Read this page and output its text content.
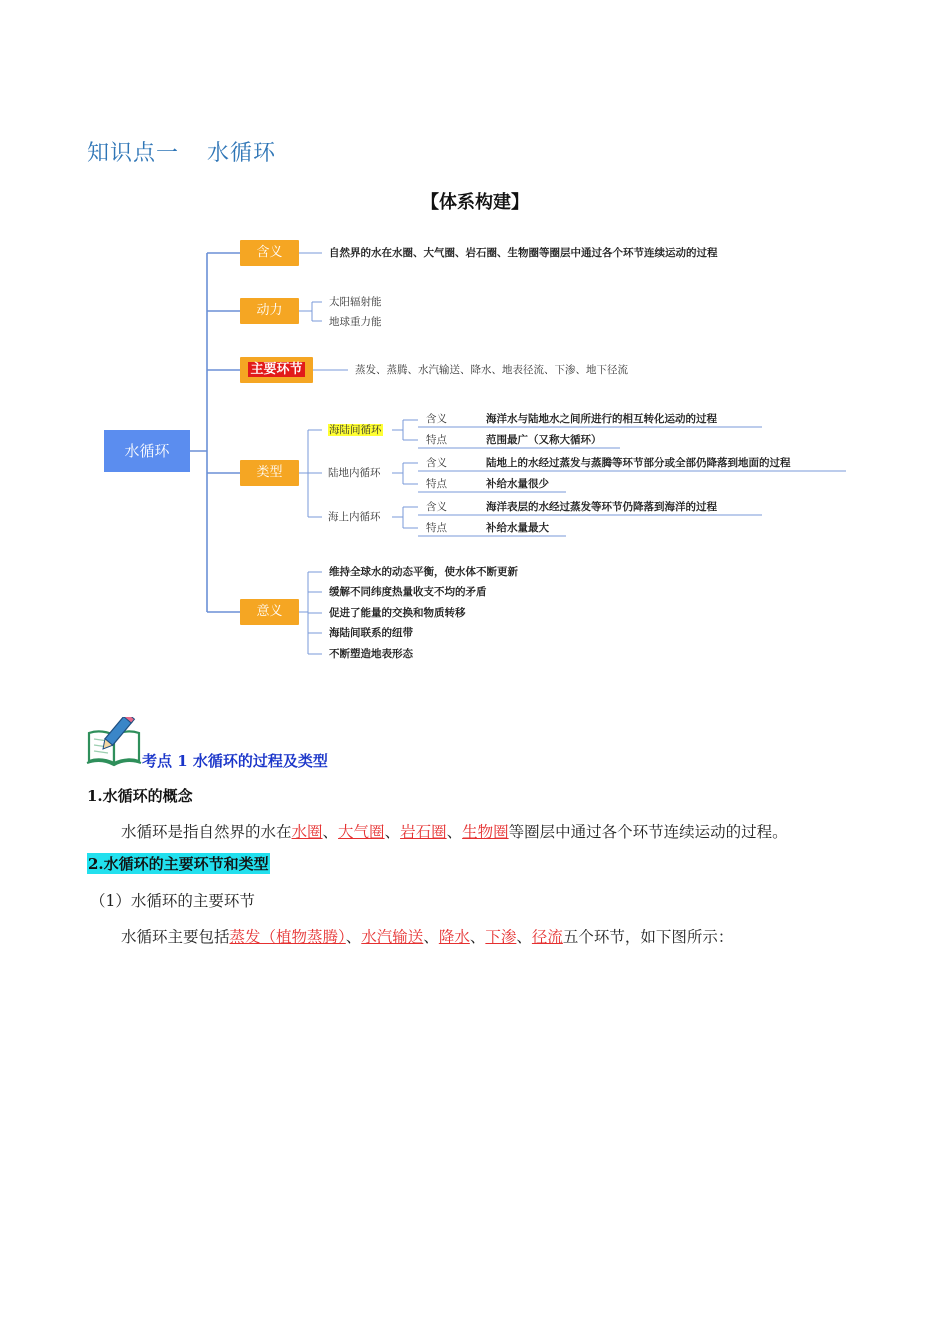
知识点一 水循环
【体系构建】
水循环
含义	自然界的水在水圈、大气圈、岩石圈、生物圈等圈层中通过各个环节连续运动的过程
动力
太阳辐射能
地球重力能
主要环节	蒸发、蒸腾、水汽输送、降水、地表径流、下渗、地下径流
类型
海陆间循环
含义	海洋水与陆地水之间所进行的相互转化运动的过程
特点	范围最广（又称大循环）
陆地内循环
含义	陆地上的水经过蒸发与蒸腾等环节部分或全部仍降落到地面的过程
特点	补给水量很少
海上内循环
含义	海洋表层的水经过蒸发等环节仍降落到海洋的过程
特点	补给水量最大
意义
维持全球水的动态平衡，使水体不断更新
缓解不同纬度热量收支不均的矛盾
促进了能量的交换和物质转移
海陆间联系的纽带
不断塑造地表形态
考点 1 水循环的过程及类型
1.水循环的概念
水循环是指自然界的水在水圈、大气圈、岩石圈、生物圈等圈层中通过各个环节连续运动的过程。
2.水循环的主要环节和类型
（1）水循环的主要环节
水循环主要包括蒸发（植物蒸腾）、水汽输送、降水、下渗、径流五个环节，如下图所示：
